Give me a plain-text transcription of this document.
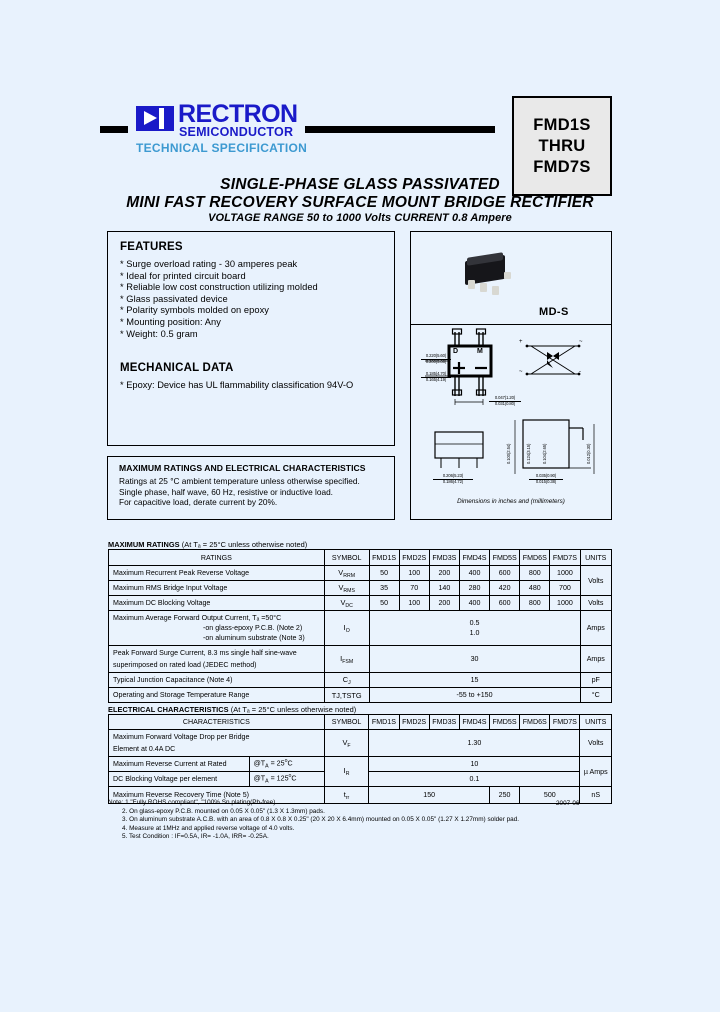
RECTRON
SEMICONDUCTOR
TECHNICAL SPECIFICATION
FMD1S
THRU
FMD7S
SINGLE-PHASE GLASS PASSIVATED
MINI FAST RECOVERY SURFACE MOUNT BRIDGE RECTIFIER
VOLTAGE RANGE 50 to 1000 Volts CURRENT 0.8 Ampere
FEATURES
* Surge overload rating - 30 amperes peak
* Ideal for printed circuit board
* Reliable low cost construction utilizing molded
* Glass passivated device
* Polarity symbols molded on epoxy
* Mounting position: Any
* Weight: 0.5 gram
MECHANICAL DATA
* Epoxy: Device has UL flammability classification 94V-O
MAXIMUM RATINGS AND ELECTRICAL CHARACTERISTICS

Ratings at 25 °C ambient temperature unless otherwise specified.
Single phase, half wave, 60 Hz, resistive or inductive load.
For capacitive load, derate current by 20%.

MD-S
0.220(5.60)
0.200(5.08)
0.185(4.70)
0.165(4.19)
0.047(1.20)
0.031(0.80)
0.100(2.54)	0.124(3.15)	0.104(2.65)	0.012(0.30)
0.206(5.23)
0.186(4.72)
0.035(0.90)
0.015(0.38)
D	M
+	~
~	-
Dimensions in inches and (millimeters)
MAXIMUM RATINGS (At Tₐ = 25°C unless otherwise noted)
RATINGS	SYMBOL	FMD1S	FMD2S	FMD3S	FMD4S	FMD5S	FMD6S	FMD7S	UNITS
Maximum Recurrent Peak Reverse Voltage	$V_{RRM}$	50	100	200	400	600	800	1000	Volts
Maximum RMS Bridge Input Voltage	$V_{RMS}$	35	70	140	280	420	480	700	
Maximum DC Blocking Voltage	$V_{DC}$	50	100	200	400	600	800	1000	Volts
Maximum Average Forward Output Current, Tₐ =50°C
-on glass-epoxy P.C.B. (Note 2)
-on aluminum substrate (Note 3)	$I_O$	0.5
1.0							Amps
Peak Forward Surge Current, 8.3 ms single half sine-wave
superimposed on rated load (JEDEC method)	$I_{FSM}$	30							Amps
Typical Junction Capacitance (Note 4)	$C_J$	15							pF
Operating and Storage Temperature Range	TJ,TSTG	-55 to +150							°C
ELECTRICAL CHARACTERISTICS (At Tₐ = 25°C unless otherwise noted)
CHARACTERISTICS		SYMBOL	FMD1S	FMD2S	FMD3S	FMD4S	FMD5S	FMD6S	FMD7S	UNITS
Maximum Forward Voltage Drop per Bridge
Element at 0.4A DC		$V_F$	1.30							Volts
Maximum Reverse Current at Rated	$@T_A = 25^oC$	$I_R$	10							µ Amps
DC Blocking Voltage per element	$@T_A = 125^oC$		0.1							
Maximum Reverse Recovery Time (Note 5)		$t_{rr}$	150				250	500		nS
Note: 1."Fully ROHS compliant", "100% Sn plating(Pb-free).
2. On glass-epoxy P.C.B. mounted on 0.05 X 0.05" (1.3 X 1.3mm) pads.
3. On aluminum substrate A.C.B. with an area of 0.8 X 0.8 X 0.25" (20 X 20 X 6.4mm) mounted on 0.05 X 0.05" (1.27 X 1.27mm) solder pad.
4. Measure at 1MHz and applied reverse voltage of 4.0 volts.
5. Test Condition : IF=0.5A, IR= -1.0A, IRR= -0.25A.
2007-06
